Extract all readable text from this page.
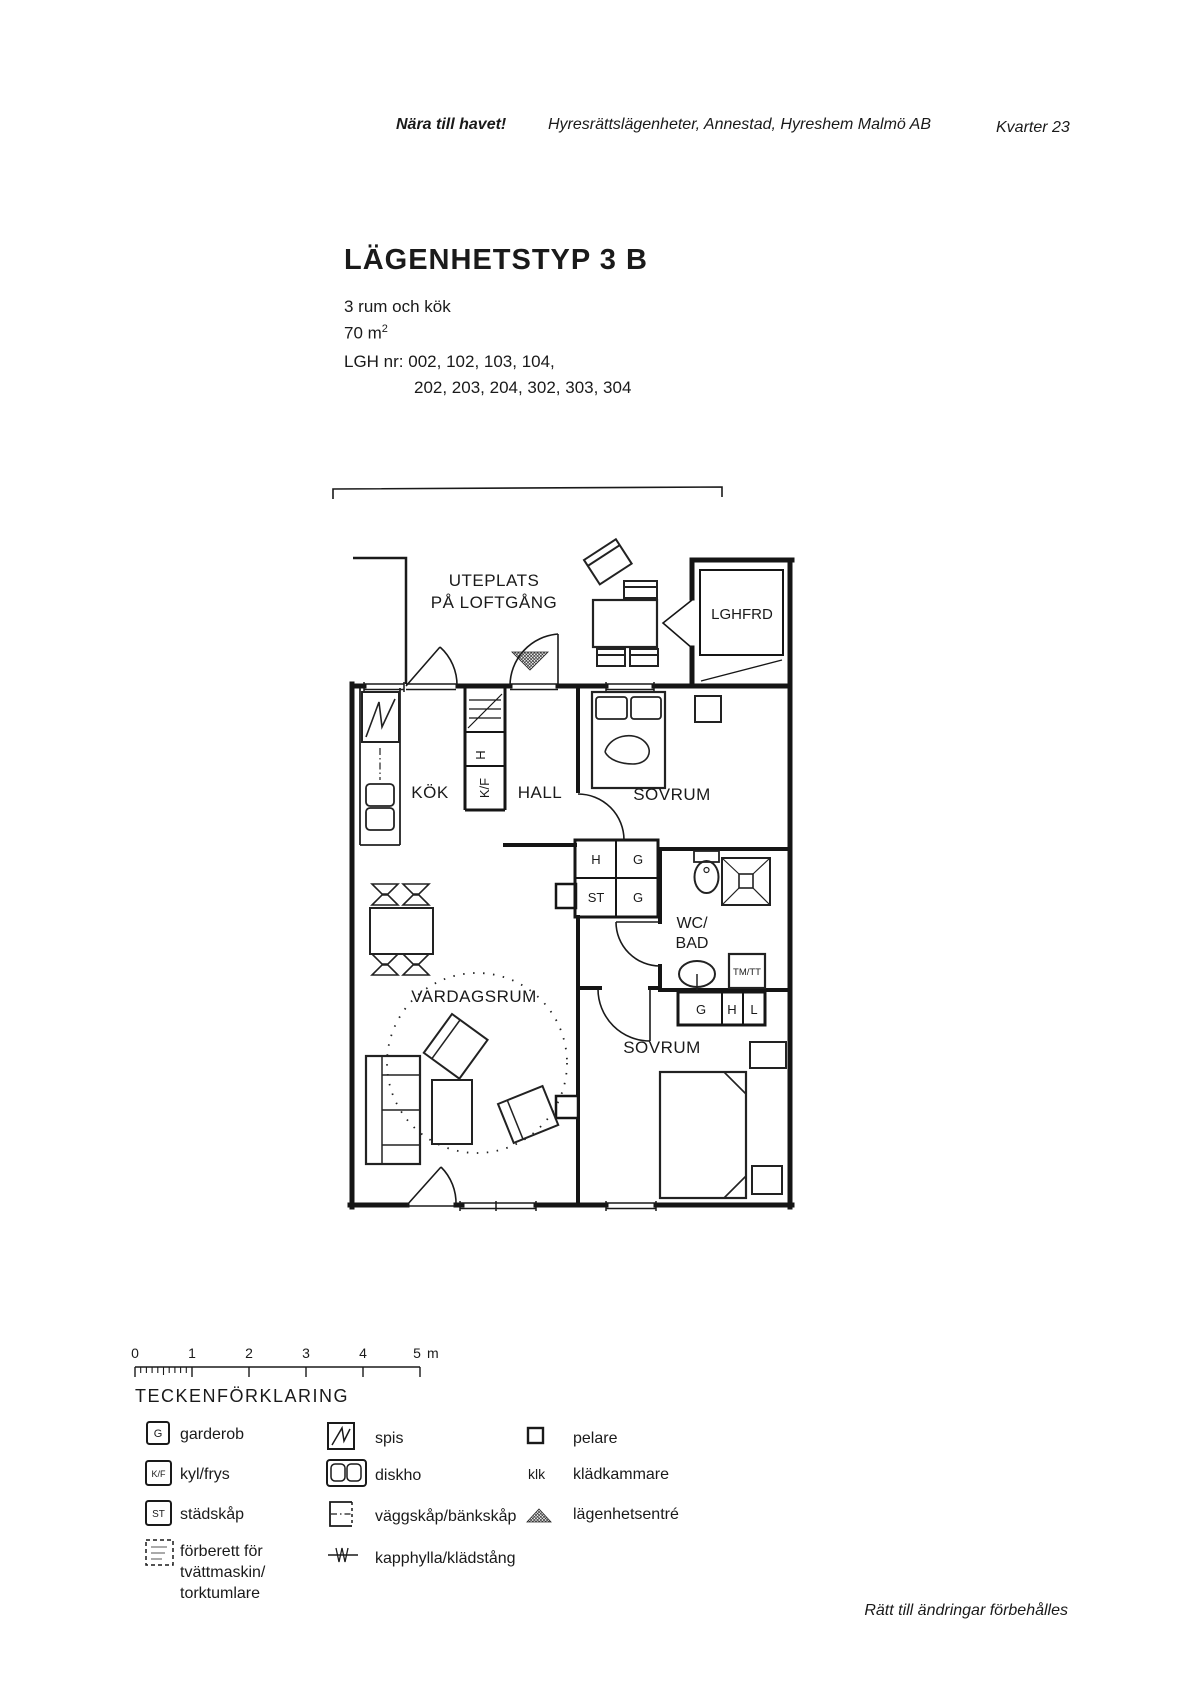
Nära till havet!	Hyresrättslägenheter, Annestad, Hyreshem Malmö AB	Kvarter 23
LÄGENHETSTYP 3 B
3 rum och kök
70 $m^2$
LGH nr: 002, 102, 103, 104,
202, 203, 204, 302, 303, 304
H
K/F
H G
ST G
G H L
TM/TT
UTEPLATS
PÅ LOFTGÅNG
LGHFRD
KÖK	HALL	SOVRUM
WC/
BAD
VARDAGSRUM
SOVRUM
0	1	2	3	4	5 m
G
K/F
ST
TECKENFÖRKLARING
garderob
kyl/frys
städskåp
förberett för
tvättmaskin/
torktumlare
spis
diskho
väggskåp/bänkskåp
kapphylla/klädstång
pelare
klk klädkammare
lägenhetsentré
Rätt till ändringar förbehålles
